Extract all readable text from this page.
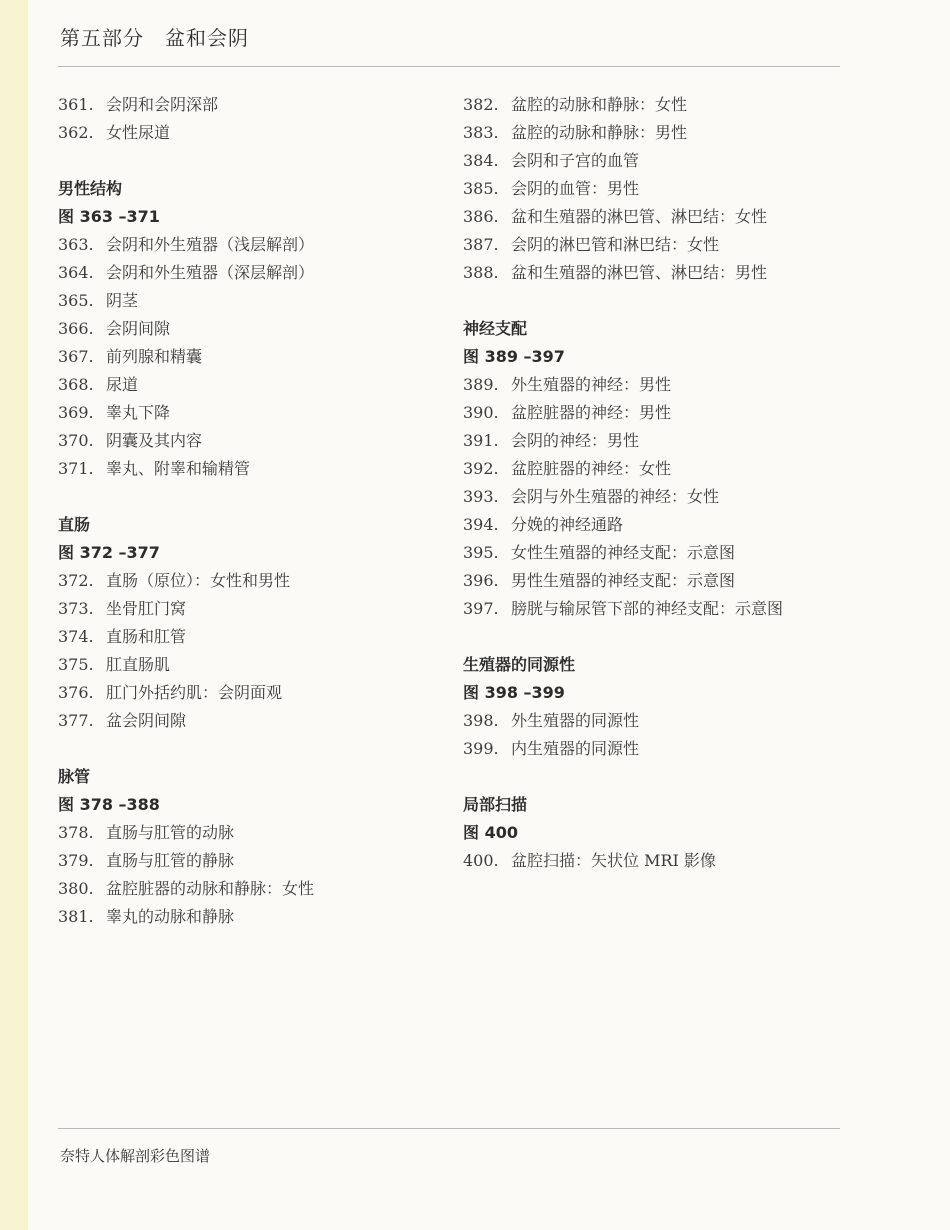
第五部分　盆和会阴
361. 会阴和会阴深部
362. 女性尿道
男性结构
图 363 –371
363. 会阴和外生殖器（浅层解剖）
364. 会阴和外生殖器（深层解剖）
365. 阴茎
366. 会阴间隙
367. 前列腺和精囊
368. 尿道
369. 睾丸下降
370. 阴囊及其内容
371. 睾丸、附睾和输精管
直肠
图 372 –377
372. 直肠（原位）：女性和男性
373. 坐骨肛门窝
374. 直肠和肛管
375. 肛直肠肌
376. 肛门外括约肌：会阴面观
377. 盆会阴间隙
脉管
图 378 –388
378. 直肠与肛管的动脉
379. 直肠与肛管的静脉
380. 盆腔脏器的动脉和静脉：女性
381. 睾丸的动脉和静脉
382. 盆腔的动脉和静脉：女性
383. 盆腔的动脉和静脉：男性
384. 会阴和子宫的血管
385. 会阴的血管：男性
386. 盆和生殖器的淋巴管、淋巴结：女性
387. 会阴的淋巴管和淋巴结：女性
388. 盆和生殖器的淋巴管、淋巴结：男性
神经支配
图 389 –397
389. 外生殖器的神经：男性
390. 盆腔脏器的神经：男性
391. 会阴的神经：男性
392. 盆腔脏器的神经：女性
393. 会阴与外生殖器的神经：女性
394. 分娩的神经通路
395. 女性生殖器的神经支配：示意图
396. 男性生殖器的神经支配：示意图
397. 膀胱与输尿管下部的神经支配：示意图
生殖器的同源性
图 398 –399
398. 外生殖器的同源性
399. 内生殖器的同源性
局部扫描
图 400
400. 盆腔扫描：矢状位 MRI 影像
奈特人体解剖彩色图谱
